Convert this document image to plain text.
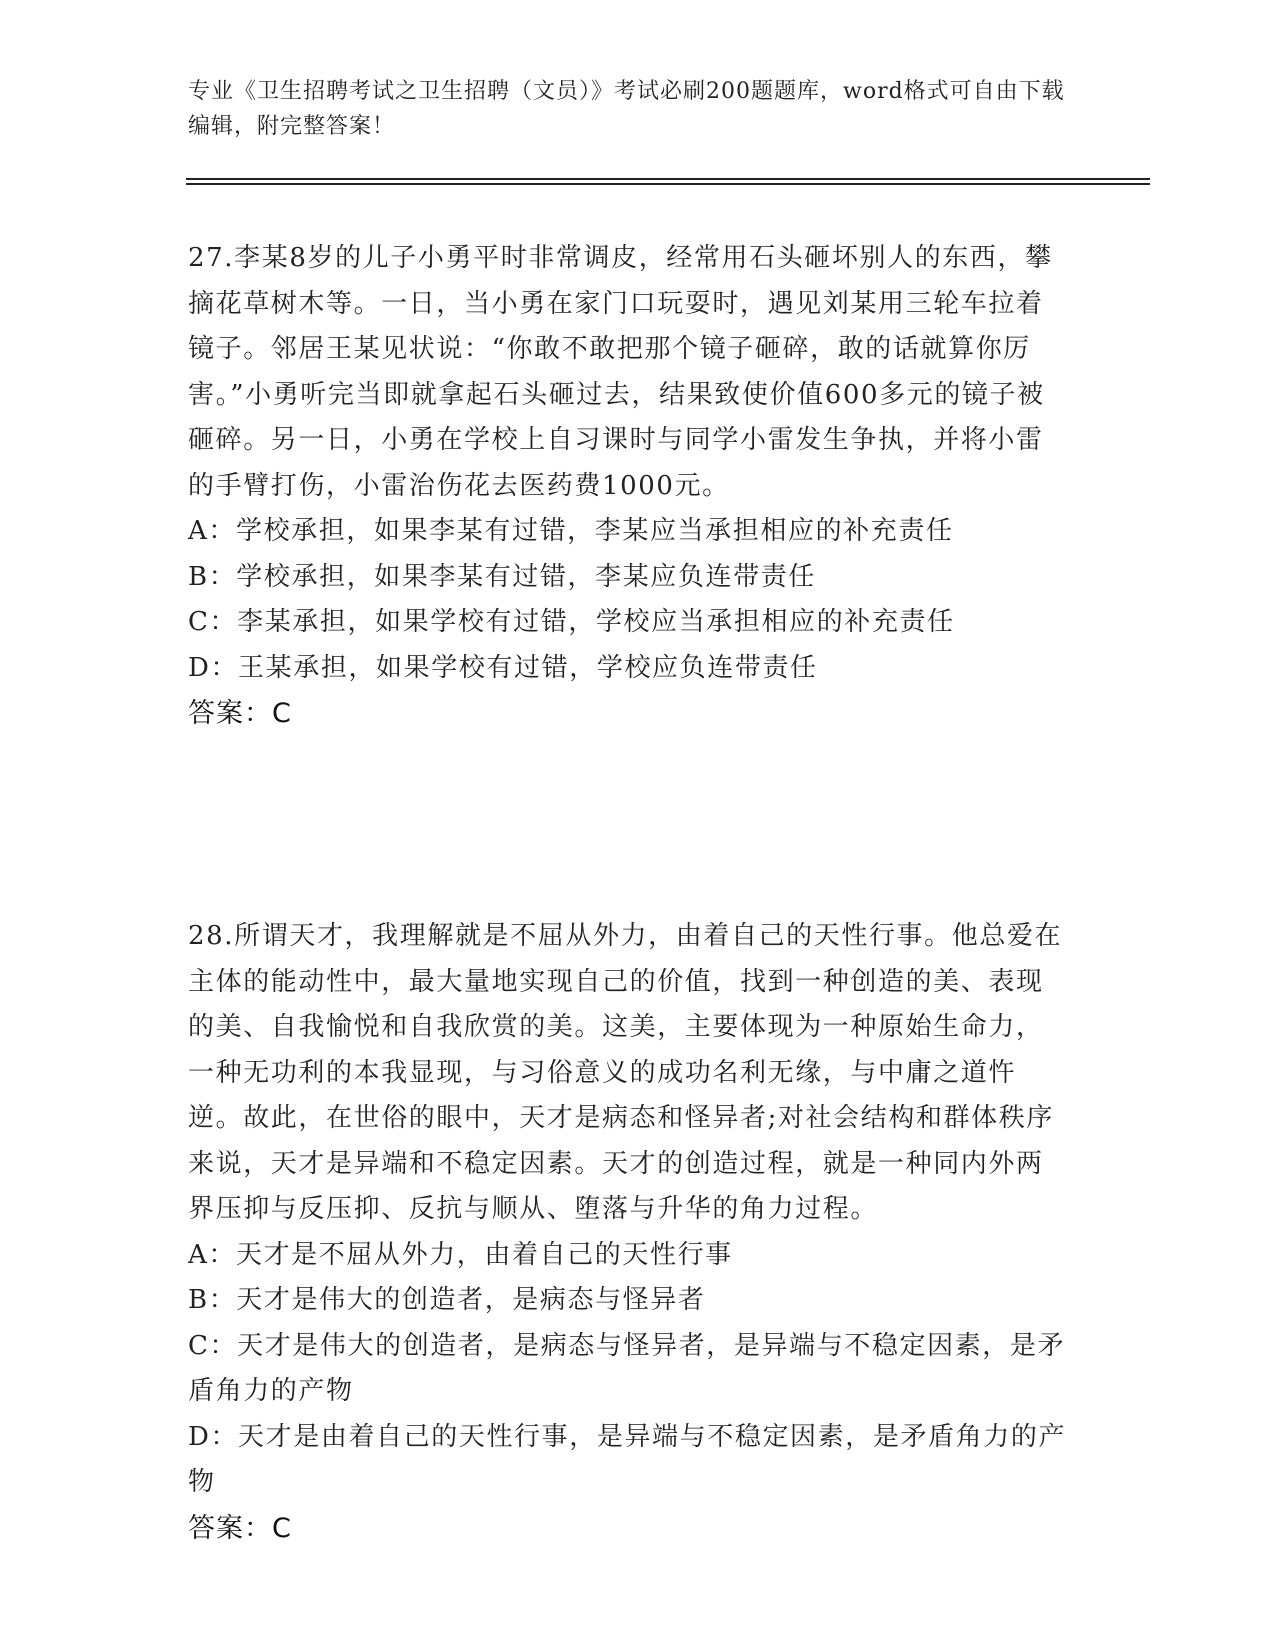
专业《卫生招聘考试之卫生招聘（文员）》考试必刷200题题库，word格式可自由下载编辑，附完整答案！

27.李某8岁的儿子小勇平时非常调皮，经常用石头砸坏别人的东西，攀摘花草树木等。一日，当小勇在家门口玩耍时，遇见刘某用三轮车拉着镜子。邻居王某见状说：“你敢不敢把那个镜子砸碎，敢的话就算你厉害。”小勇听完当即就拿起石头砸过去，结果致使价值600多元的镜子被砸碎。另一日，小勇在学校上自习课时与同学小雷发生争执，并将小雷的手臂打伤，小雷治伤花去医药费1000元。

A：学校承担，如果李某有过错，李某应当承担相应的补充责任

B：学校承担，如果李某有过错，李某应负连带责任

C：李某承担，如果学校有过错，学校应当承担相应的补充责任

D：王某承担，如果学校有过错，学校应负连带责任

答案：C

28.所谓天才，我理解就是不屈从外力，由着自己的天性行事。他总爱在主体的能动性中，最大量地实现自己的价值，找到一种创造的美、表现的美、自我愉悦和自我欣赏的美。这美，主要体现为一种原始生命力，一种无功利的本我显现，与习俗意义的成功名利无缘，与中庸之道忤逆。故此，在世俗的眼中，天才是病态和怪异者;对社会结构和群体秩序来说，天才是异端和不稳定因素。天才的创造过程，就是一种同内外两界压抑与反压抑、反抗与顺从、堕落与升华的角力过程。

A：天才是不屈从外力，由着自己的天性行事

B：天才是伟大的创造者，是病态与怪异者

C：天才是伟大的创造者，是病态与怪异者，是异端与不稳定因素，是矛盾角力的产物

D：天才是由着自己的天性行事，是异端与不稳定因素，是矛盾角力的产物

答案：C
